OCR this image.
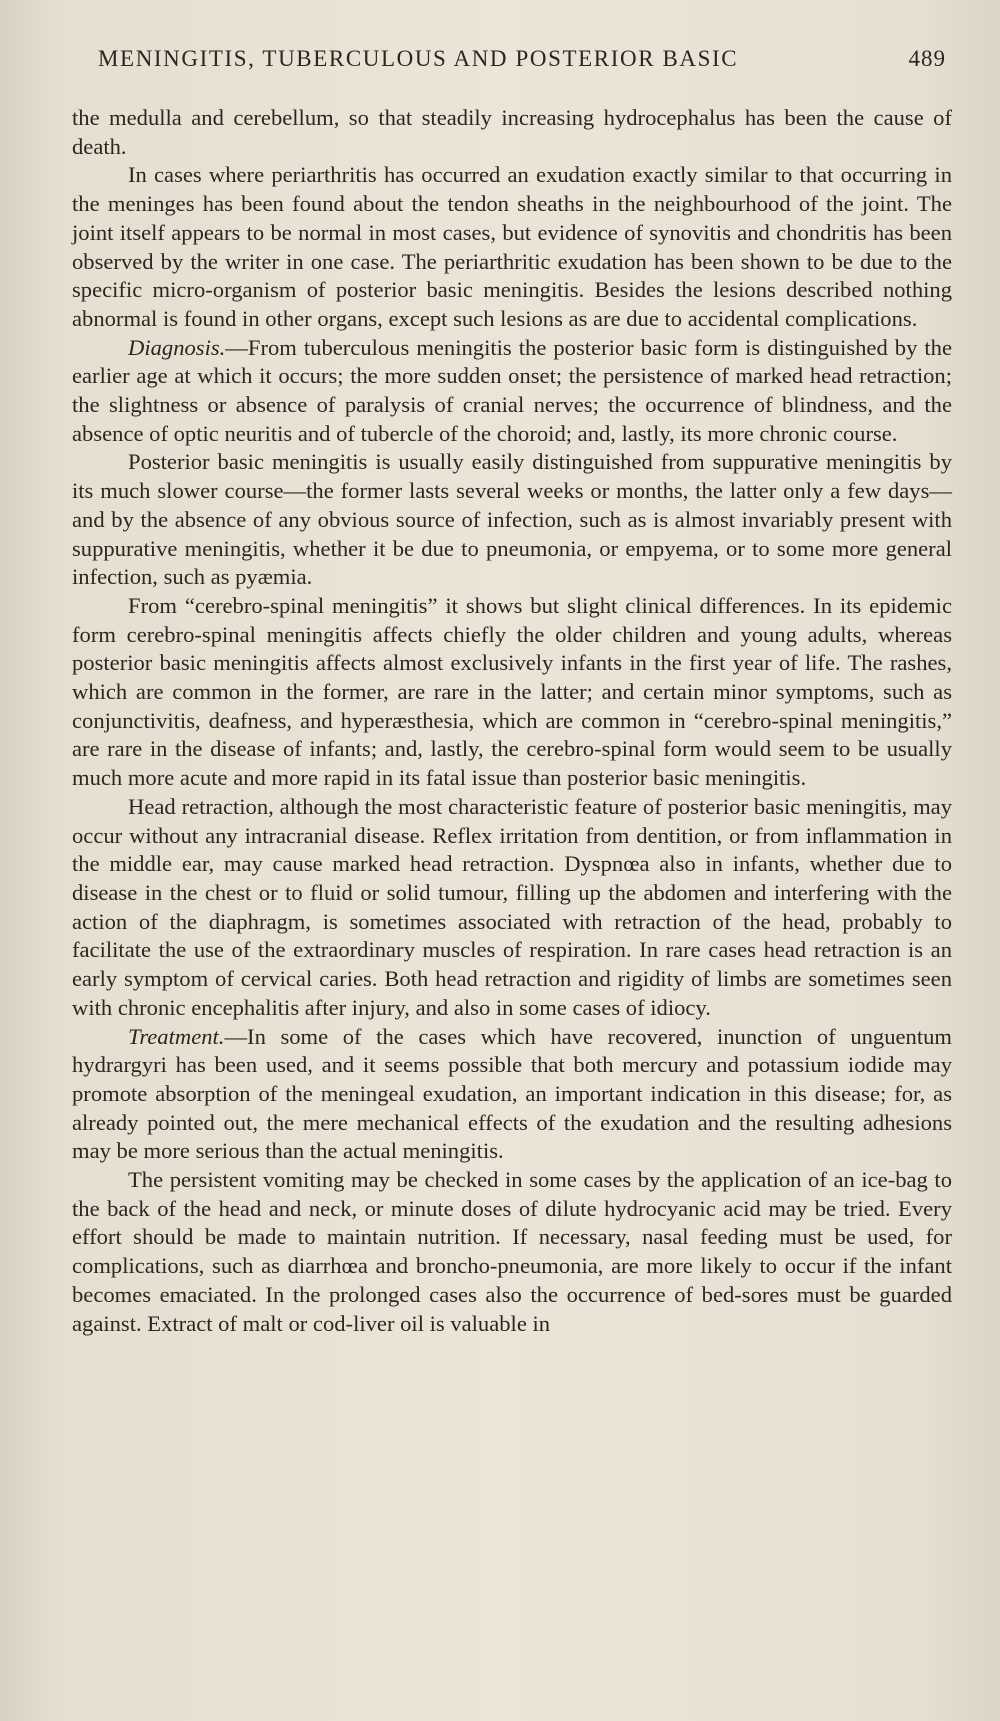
MENINGITIS, TUBERCULOUS AND POSTERIOR BASIC	489

the medulla and cerebellum, so that steadily increasing hydrocephalus has been the cause of death.

In cases where periarthritis has occurred an exudation exactly similar to that occurring in the meninges has been found about the tendon sheaths in the neighbourhood of the joint. The joint itself appears to be normal in most cases, but evidence of synovitis and chondritis has been observed by the writer in one case. The periarthritic exudation has been shown to be due to the specific micro-organism of posterior basic meningitis. Besides the lesions described nothing abnormal is found in other organs, except such lesions as are due to accidental complications.

Diagnosis.—From tuberculous meningitis the posterior basic form is distinguished by the earlier age at which it occurs; the more sudden onset; the persistence of marked head retraction; the slightness or absence of paralysis of cranial nerves; the occurrence of blindness, and the absence of optic neuritis and of tubercle of the choroid; and, lastly, its more chronic course.

Posterior basic meningitis is usually easily distinguished from suppurative meningitis by its much slower course—the former lasts several weeks or months, the latter only a few days—and by the absence of any obvious source of infection, such as is almost invariably present with suppurative meningitis, whether it be due to pneumonia, or empyema, or to some more general infection, such as pyæmia.

From “cerebro-spinal meningitis” it shows but slight clinical differences. In its epidemic form cerebro-spinal meningitis affects chiefly the older children and young adults, whereas posterior basic meningitis affects almost exclusively infants in the first year of life. The rashes, which are common in the former, are rare in the latter; and certain minor symptoms, such as conjunctivitis, deafness, and hyperæsthesia, which are common in “cerebro-spinal meningitis,” are rare in the disease of infants; and, lastly, the cerebro-spinal form would seem to be usually much more acute and more rapid in its fatal issue than posterior basic meningitis.

Head retraction, although the most characteristic feature of posterior basic meningitis, may occur without any intracranial disease. Reflex irritation from dentition, or from inflammation in the middle ear, may cause marked head retraction. Dyspnœa also in infants, whether due to disease in the chest or to fluid or solid tumour, filling up the abdomen and interfering with the action of the diaphragm, is sometimes associated with retraction of the head, probably to facilitate the use of the extraordinary muscles of respiration. In rare cases head retraction is an early symptom of cervical caries. Both head retraction and rigidity of limbs are sometimes seen with chronic encephalitis after injury, and also in some cases of idiocy.

Treatment.—In some of the cases which have recovered, inunction of unguentum hydrargyri has been used, and it seems possible that both mercury and potassium iodide may promote absorption of the meningeal exudation, an important indication in this disease; for, as already pointed out, the mere mechanical effects of the exudation and the resulting adhesions may be more serious than the actual meningitis.

The persistent vomiting may be checked in some cases by the application of an ice-bag to the back of the head and neck, or minute doses of dilute hydrocyanic acid may be tried. Every effort should be made to maintain nutrition. If necessary, nasal feeding must be used, for complications, such as diarrhœa and broncho-pneumonia, are more likely to occur if the infant becomes emaciated. In the prolonged cases also the occurrence of bed-sores must be guarded against. Extract of malt or cod-liver oil is valuable in
